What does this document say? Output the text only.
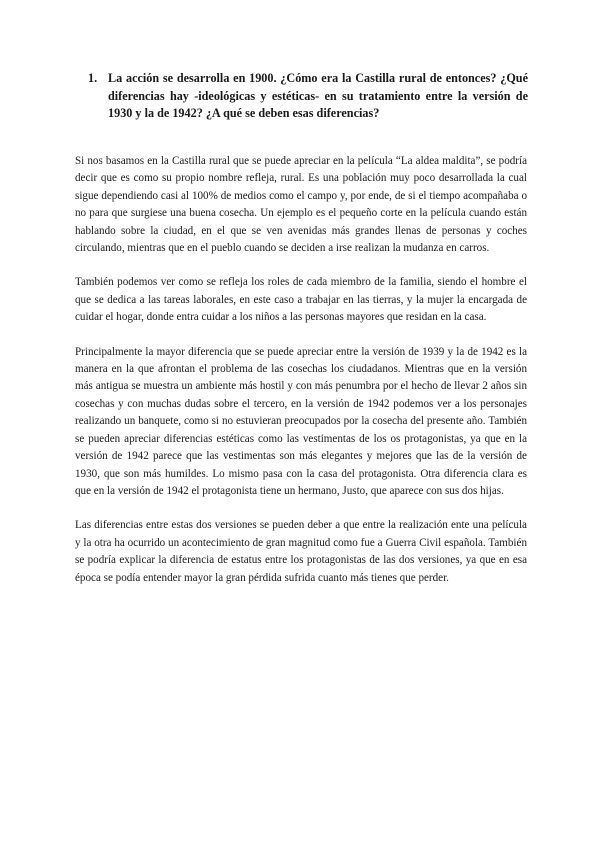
1. La acción se desarrolla en 1900. ¿Cómo era la Castilla rural de entonces? ¿Qué diferencias hay -ideológicas y estéticas- en su tratamiento entre la versión de 1930 y la de 1942? ¿A qué se deben esas diferencias?

Si nos basamos en la Castilla rural que se puede apreciar en la película “La aldea maldita”, se podría decir que es como su propio nombre refleja, rural. Es una población muy poco desarrollada la cual sigue dependiendo casi al 100% de medios como el campo y, por ende, de si el tiempo acompañaba o no para que surgiese una buena cosecha. Un ejemplo es el pequeño corte en la película cuando están hablando sobre la ciudad, en el que se ven avenidas más grandes llenas de personas y coches circulando, mientras que en el pueblo cuando se deciden a irse realizan la mudanza en carros.

También podemos ver como se refleja los roles de cada miembro de la familia, siendo el hombre el que se dedica a las tareas laborales, en este caso a trabajar en las tierras, y la mujer la encargada de cuidar el hogar, donde entra cuidar a los niños a las personas mayores que residan en la casa.

Principalmente la mayor diferencia que se puede apreciar entre la versión de 1939 y la de 1942 es la manera en la que afrontan el problema de las cosechas los ciudadanos. Mientras que en la versión más antigua se muestra un ambiente más hostil y con más penumbra por el hecho de llevar 2 años sin cosechas y con muchas dudas sobre el tercero, en la versión de 1942 podemos ver a los personajes realizando un banquete, como si no estuvieran preocupados por la cosecha del presente año. También se pueden apreciar diferencias estéticas como las vestimentas de los os protagonistas, ya que en la versión de 1942 parece que las vestimentas son más elegantes y mejores que las de la versión de 1930, que son más humildes. Lo mismo pasa con la casa del protagonista. Otra diferencia clara es que en la versión de 1942 el protagonista tiene un hermano, Justo, que aparece con sus dos hijas.

Las diferencias entre estas dos versiones se pueden deber a que entre la realización ente una película y la otra ha ocurrido un acontecimiento de gran magnitud como fue a Guerra Civil española. También se podría explicar la diferencia de estatus entre los protagonistas de las dos versiones, ya que en esa época se podía entender mayor la gran pérdida sufrida cuanto más tienes que perder.
